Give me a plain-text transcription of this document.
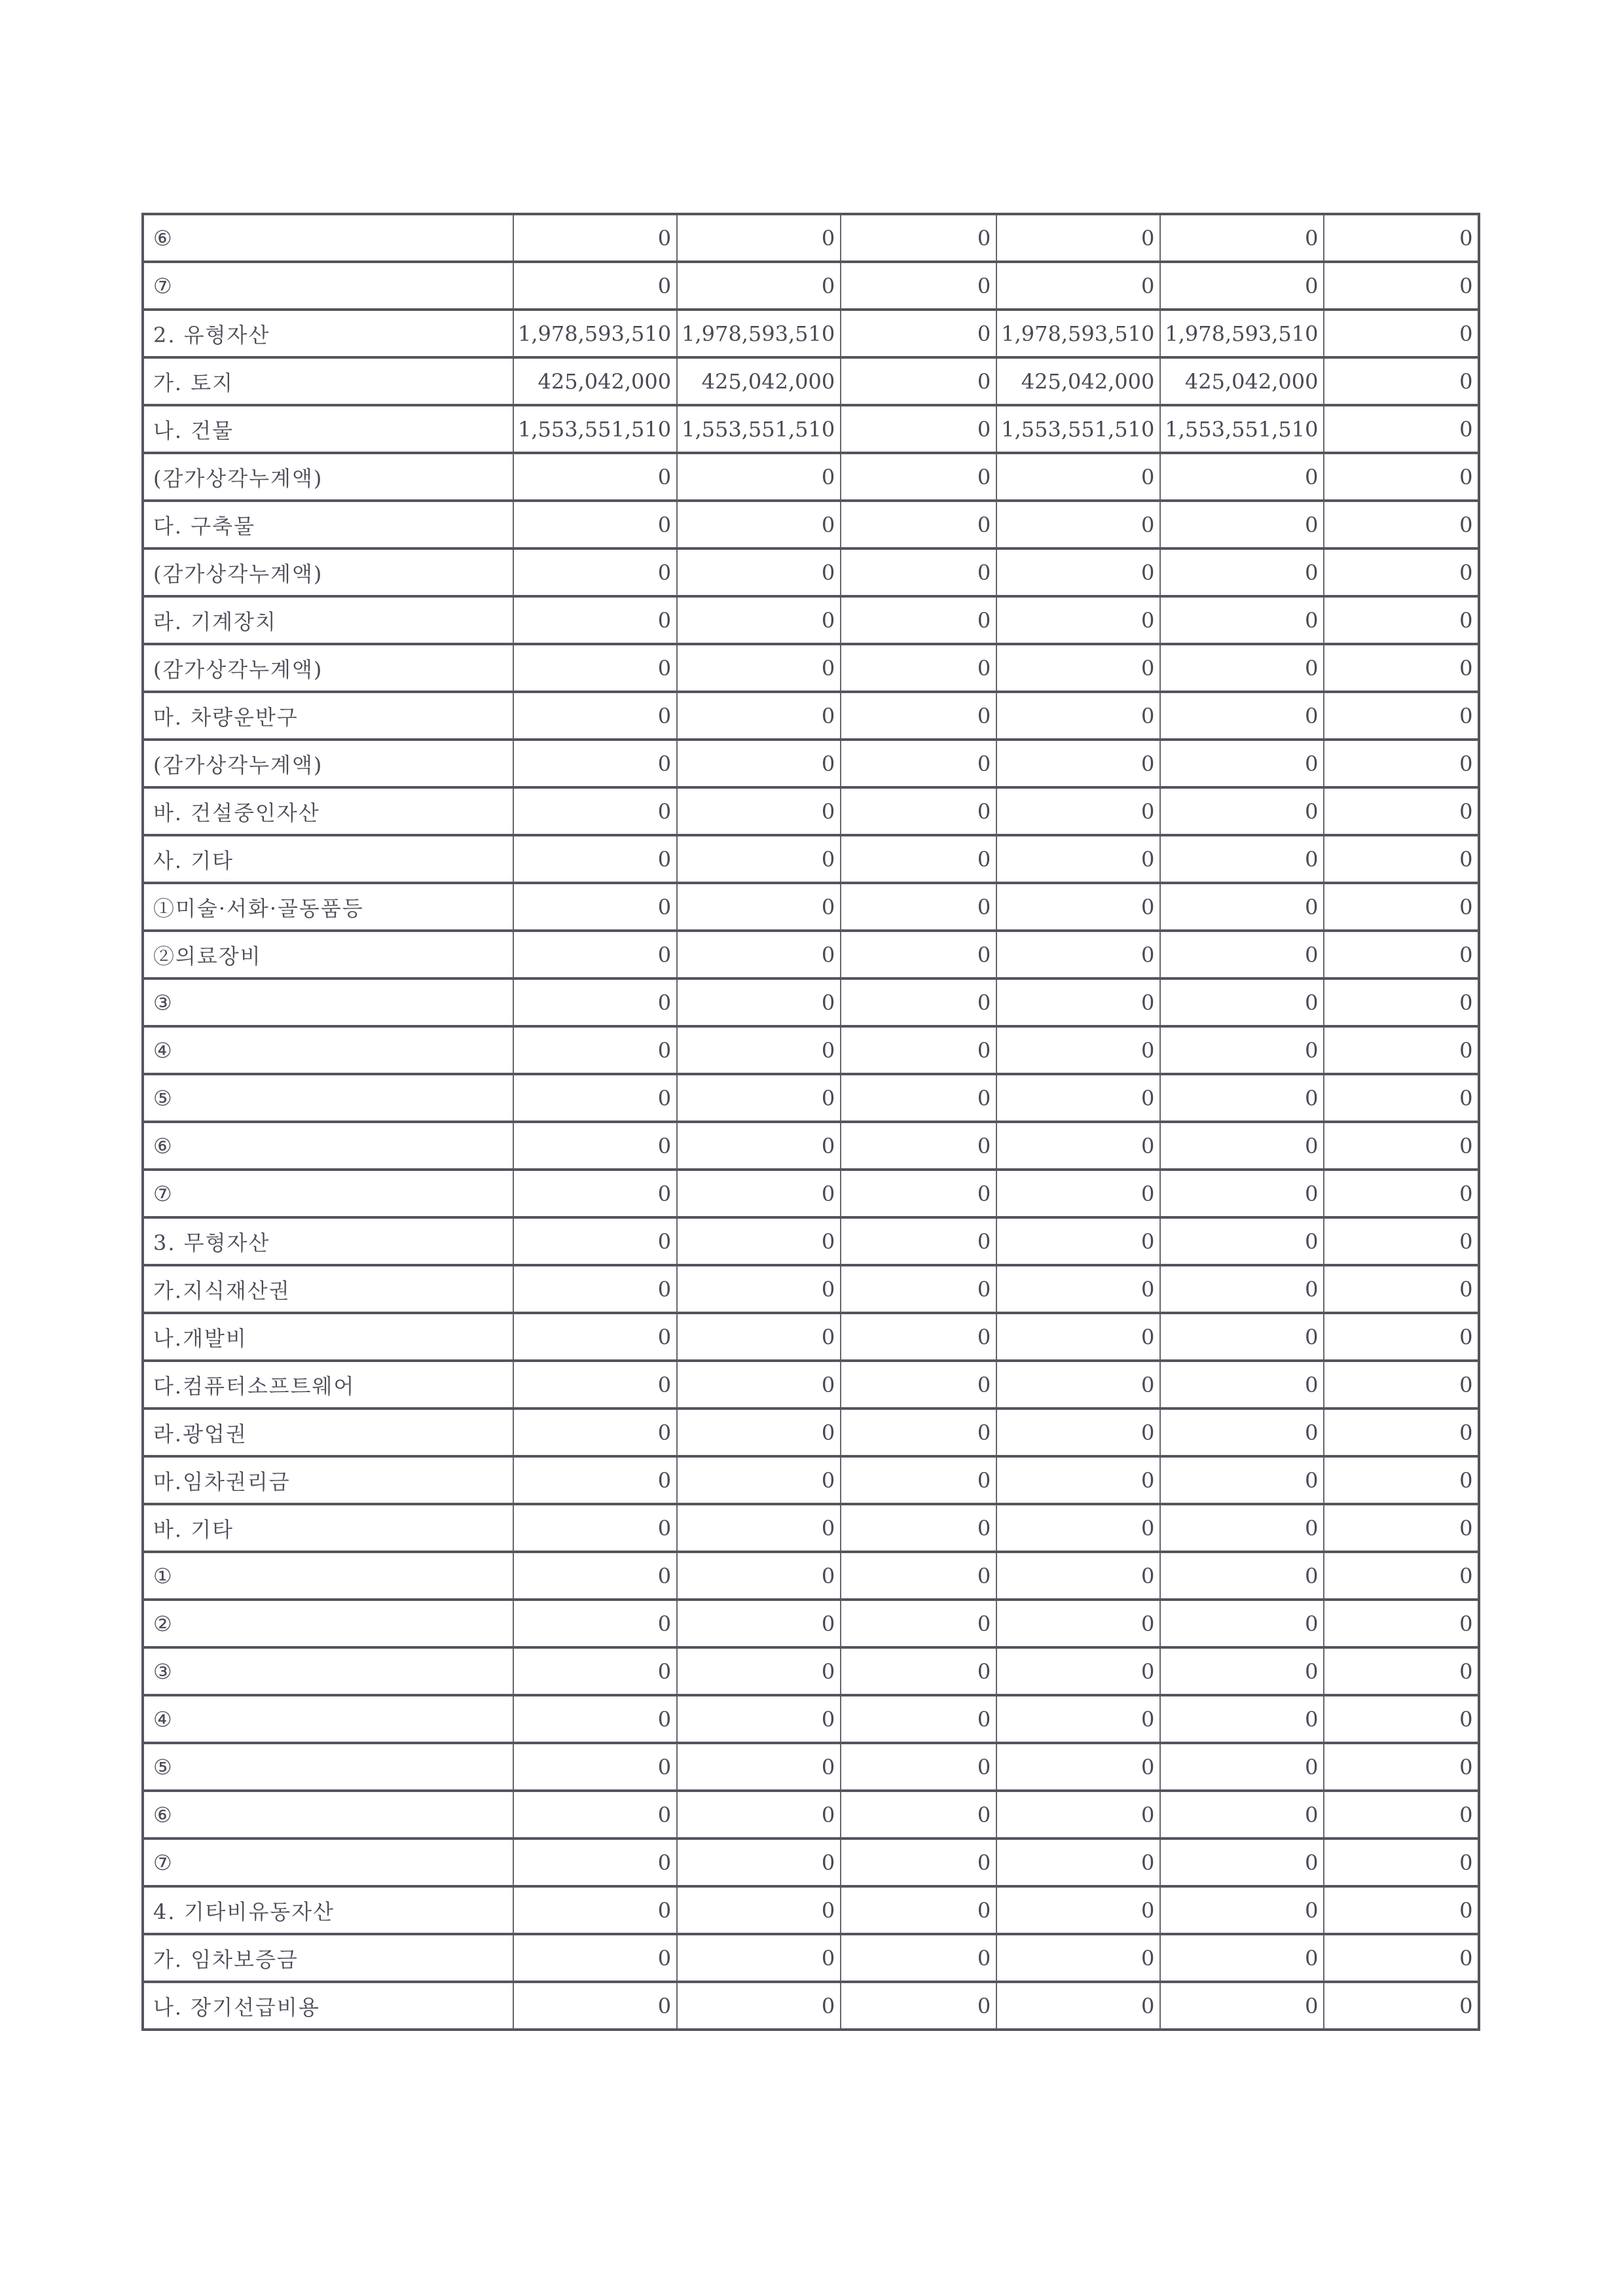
⑥	0	0	0	0	0	0
⑦	0	0	0	0	0	0
2. 유형자산	1,978,593,510	1,978,593,510	0	1,978,593,510	1,978,593,510	0
가. 토지	425,042,000	425,042,000	0	425,042,000	425,042,000	0
나. 건물	1,553,551,510	1,553,551,510	0	1,553,551,510	1,553,551,510	0
(감가상각누계액)	0	0	0	0	0	0
다. 구축물	0	0	0	0	0	0
(감가상각누계액)	0	0	0	0	0	0
라. 기계장치	0	0	0	0	0	0
(감가상각누계액)	0	0	0	0	0	0
마. 차량운반구	0	0	0	0	0	0
(감가상각누계액)	0	0	0	0	0	0
바. 건설중인자산	0	0	0	0	0	0
사. 기타	0	0	0	0	0	0
①미술·서화·골동품등	0	0	0	0	0	0
②의료장비	0	0	0	0	0	0
③	0	0	0	0	0	0
④	0	0	0	0	0	0
⑤	0	0	0	0	0	0
⑥	0	0	0	0	0	0
⑦	0	0	0	0	0	0
3. 무형자산	0	0	0	0	0	0
가.지식재산권	0	0	0	0	0	0
나.개발비	0	0	0	0	0	0
다.컴퓨터소프트웨어	0	0	0	0	0	0
라.광업권	0	0	0	0	0	0
마.임차권리금	0	0	0	0	0	0
바. 기타	0	0	0	0	0	0
①	0	0	0	0	0	0
②	0	0	0	0	0	0
③	0	0	0	0	0	0
④	0	0	0	0	0	0
⑤	0	0	0	0	0	0
⑥	0	0	0	0	0	0
⑦	0	0	0	0	0	0
4. 기타비유동자산	0	0	0	0	0	0
가. 임차보증금	0	0	0	0	0	0
나. 장기선급비용	0	0	0	0	0	0
